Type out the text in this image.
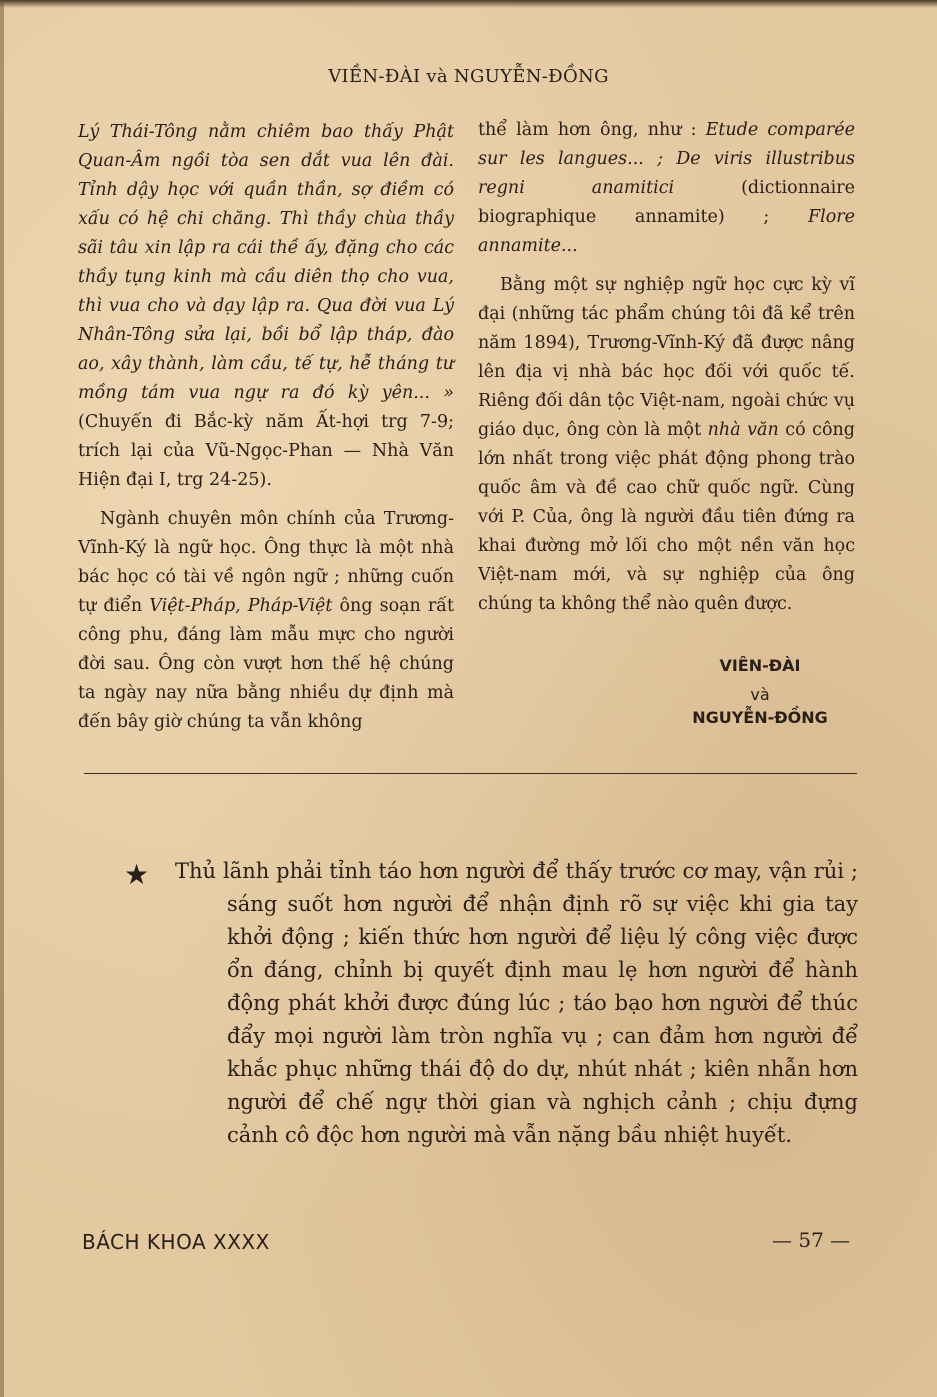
VIỀN-ĐÀI và NGUYỄN-ĐỒNG

Lý Thái-Tông nằm chiêm bao thấy Phật Quan-Âm ngồi tòa sen dắt vua lên đài. Tỉnh dậy học với quần thần, sợ điềm có xấu có hệ chi chăng. Thì thầy chùa thầy sãi tâu xin lập ra cái thề ấy, đặng cho các thầy tụng kinh mà cầu diên thọ cho vua, thì vua cho và dạy lập ra. Qua đời vua Lý Nhân-Tông sửa lại, bồi bổ lập tháp, đào ao, xây thành, làm cầu, tế tự, hễ tháng tư mồng tám vua ngự ra đó kỳ yên... » (Chuyến đi Bắc-kỳ năm Ất-hợi trg 7-9; trích lại của Vũ-Ngọc-Phan — Nhà Văn Hiện đại I, trg 24-25).

Ngành chuyên môn chính của Trương-Vĩnh-Ký là ngữ học. Ông thực là một nhà bác học có tài về ngôn ngữ ; những cuốn tự điển Việt-Pháp, Pháp-Việt ông soạn rất công phu, đáng làm mẫu mực cho người đời sau. Ông còn vượt hơn thế hệ chúng ta ngày nay nữa bằng nhiều dự định mà đến bây giờ chúng ta vẫn không

thể làm hơn ông, như : Etude comparée sur les langues... ; De viris illustribus regni anamitici (dictionnaire biographique annamite) ; Flore annamite...

Bằng một sự nghiệp ngữ học cực kỳ vĩ đại (những tác phẩm chúng tôi đã kể trên năm 1894), Trương-Vĩnh-Ký đã được nâng lên địa vị nhà bác học đối với quốc tế. Riêng đối dân tộc Việt-nam, ngoài chức vụ giáo dục, ông còn là một nhà văn có công lớn nhất trong việc phát động phong trào quốc âm và đề cao chữ quốc ngữ. Cùng với P. Của, ông là người đầu tiên đứng ra khai đường mở lối cho một nền văn học Việt-nam mới, và sự nghiệp của ông chúng ta không thể nào quên được.

VIÊN-ĐÀI
và
NGUYỄN-ĐỒNG
★ Thủ lãnh phải tỉnh táo hơn người để thấy trước cơ may, vận rủi ; sáng suốt hơn người để nhận định rõ sự việc khi gia tay khởi động ; kiến thức hơn người để liệu lý công việc được ổn đáng, chỉnh bị quyết định mau lẹ hơn người để hành động phát khởi được đúng lúc ; táo bạo hơn người để thúc đẩy mọi người làm tròn nghĩa vụ ; can đảm hơn người để khắc phục những thái độ do dự, nhút nhát ; kiên nhẫn hơn người để chế ngự thời gian và nghịch cảnh ; chịu đựng cảnh cô độc hơn người mà vẫn nặng bầu nhiệt huyết.
BÁCH KHOA XXXX	— 57 —
